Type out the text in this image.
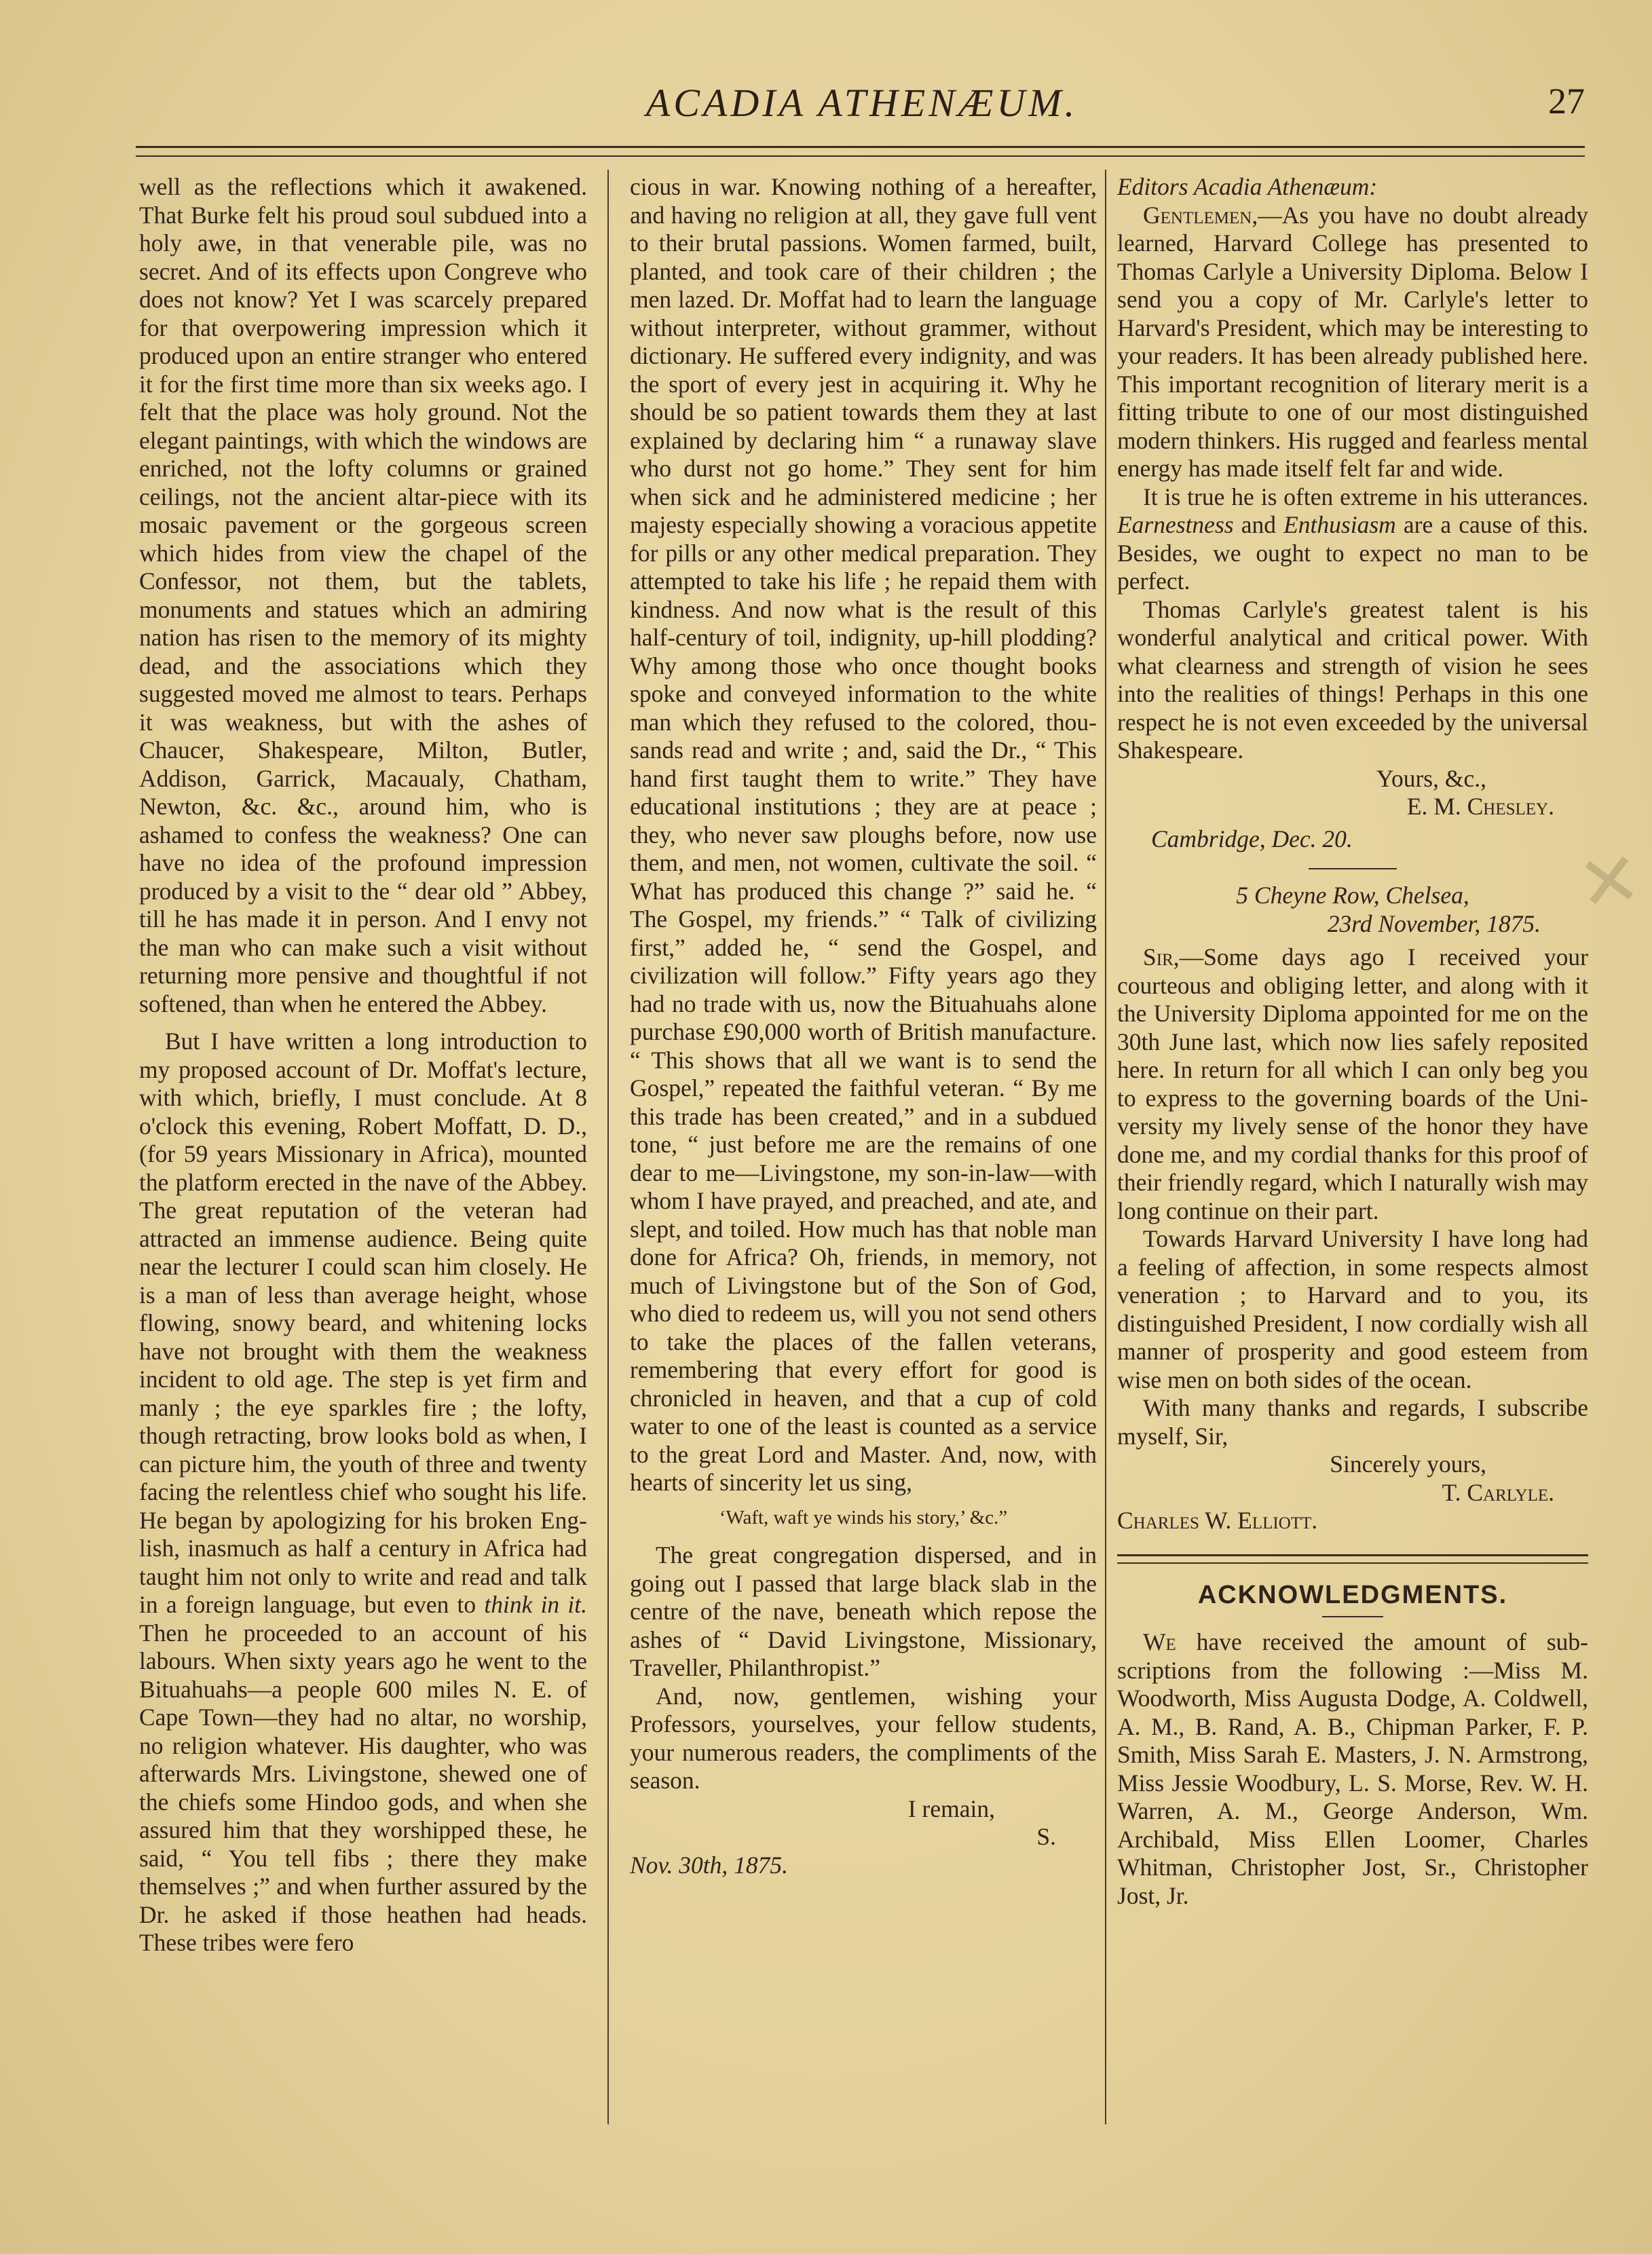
ACADIA ATHENÆUM.	27

well as the reflections which it awakened. That Burke felt his proud soul subdued into a holy awe, in that venerable pile, was no secret. And of its effects upon Congreve who does not know? Yet I was scarcely prepared for that overpowering impression which it produced upon an entire stranger who entered it for the first time more than six weeks ago. I felt that the place was holy ground. Not the elegant paintings, with which the windows are enriched, not the lofty columns or grained ceilings, not the ancient altar-piece with its mosaic pavement or the gorgeous screen which hides from view the chapel of the Confessor, not them, but the tablets, monuments and statues which an admiring nation has risen to the memory of its mighty dead, and the associations which they suggested moved me almost to tears. Perhaps it was weakness, but with the ashes of Chaucer, Shakespeare, Milton, Butler, Addison, Garrick, Macaualy, Chatham, Newton, &c. &c., around him, who is ashamed to confess the weakness? One can have no idea of the profound impression produced by a visit to the “ dear old ” Abbey, till he has made it in person. And I envy not the man who can make such a visit without returning more pensive and thoughtful if not softened, than when he entered the Abbey.

But I have written a long introduction to my proposed account of Dr. Moffat's lecture, with which, briefly, I must conclude. At 8 o'clock this evening, Robert Moffatt, D. D., (for 59 years Missionary in Africa), mounted the platform erected in the nave of the Abbey. The great reputation of the veteran had attracted an immense audience. Being quite near the lecturer I could scan him closely. He is a man of less than average height, whose flowing, snowy beard, and whitening locks have not brought with them the weakness incident to old age. The step is yet firm and manly ; the eye sparkles fire ; the lofty, though retracting, brow looks bold as when, I can picture him, the youth of three and twenty facing the relentless chief who sought his life. He began by apologizing for his broken English, inasmuch as half a century in Africa had taught him not only to write and read and talk in a foreign language, but even to think in it. Then he proceeded to an account of his labours. When sixty years ago he went to the Bituahuahs—a people 600 miles N. E. of Cape Town—they had no altar, no worship, no religion whatever. His daughter, who was afterwards Mrs. Livingstone, shewed one of the chiefs some Hindoo gods, and when she assured him that they worshipped these, he said, “ You tell fibs ; there they make themselves ;” and when further assured by the Dr. he asked if those heathen had heads. These tribes were fero

cious in war. Knowing nothing of a hereafter, and having no religion at all, they gave full vent to their brutal passions. Women farmed, built, planted, and took care of their children ; the men lazed. Dr. Moffat had to learn the language without interpreter, without grammer, without dictionary. He suffered every indignity, and was the sport of every jest in acquiring it. Why he should be so patient towards them they at last explained by declaring him “ a runaway slave who durst not go home.” They sent for him when sick and he administered medicine ; her majesty especially showing a voracious appetite for pills or any other medical preparation. They attempted to take his life ; he repaid them with kindness. And now what is the result of this half-century of toil, indignity, up-hill plodding? Why among those who once thought books spoke and conveyed information to the white man which they refused to the colored, thousands read and write ; and, said the Dr., “ This hand first taught them to write.” They have educational institutions ; they are at peace ; they, who never saw ploughs before, now use them, and men, not women, cultivate the soil. “ What has produced this change ?” said he. “ The Gospel, my friends.” “ Talk of civilizing first,” added he, “ send the Gospel, and civilization will follow.” Fifty years ago they had no trade with us, now the Bituahuahs alone purchase £90,000 worth of British manufacture. “ This shows that all we want is to send the Gospel,” repeated the faithful veteran. “ By me this trade has been created,” and in a subdued tone, “ just before me are the remains of one dear to me—Livingstone, my son-in-law—with whom I have prayed, and preached, and ate, and slept, and toiled. How much has that noble man done for Africa? Oh, friends, in memory, not much of Livingstone but of the Son of God, who died to redeem us, will you not send others to take the places of the fallen veterans, remembering that every effort for good is chronicled in heaven, and that a cup of cold water to one of the least is counted as a service to the great Lord and Master. And, now, with hearts of sincerity let us sing,

‘Waft, waft ye winds his story,’ &c.”

The great congregation dispersed, and in going out I passed that large black slab in the centre of the nave, beneath which repose the ashes of “ David Livingstone, Missionary, Traveller, Philanthropist.”

And, now, gentlemen, wishing your Professors, yourselves, your fellow students, your numerous readers, the compliments of the season.

I remain,
S.
Nov. 30th, 1875.
Editors Acadia Athenæum:

Gentlemen,—As you have no doubt already learned, Harvard College has presented to Thomas Carlyle a University Diploma. Below I send you a copy of Mr. Carlyle's letter to Harvard's President, which may be interesting to your readers. It has been already published here. This important recognition of literary merit is a fitting tribute to one of our most distinguished modern thinkers. His rugged and fearless mental energy has made itself felt far and wide.

It is true he is often extreme in his utterances. Earnestness and Enthusiasm are a cause of this. Besides, we ought to expect no man to be perfect.

Thomas Carlyle's greatest talent is his wonderful analytical and critical power. With what clearness and strength of vision he sees into the realities of things! Perhaps in this one respect he is not even exceeded by the universal Shakespeare.

Yours, &c.,
E. M. Chesley.
Cambridge, Dec. 20.
5 Cheyne Row, Chelsea,
23rd November, 1875.

Sir,—Some days ago I received your courteous and obliging letter, and along with it the University Diploma appointed for me on the 30th June last, which now lies safely reposited here. In return for all which I can only beg you to express to the governing boards of the University my lively sense of the honor they have done me, and my cordial thanks for this proof of their friendly regard, which I naturally wish may long continue on their part.

Towards Harvard University I have long had a feeling of affection, in some respects almost veneration ; to Harvard and to you, its distinguished President, I now cordially wish all manner of prosperity and good esteem from wise men on both sides of the ocean.

With many thanks and regards, I subscribe myself, Sir,

Sincerely yours,
T. Carlyle.
Charles W. Elliott.
ACKNOWLEDGMENTS.

We have received the amount of subscriptions from the following :—Miss M. Woodworth, Miss Augusta Dodge, A. Coldwell, A. M., B. Rand, A. B., Chipman Parker, F. P. Smith, Miss Sarah E. Masters, J. N. Armstrong, Miss Jessie Woodbury, L. S. Morse, Rev. W. H. Warren, A. M., George Anderson, Wm. Archibald, Miss Ellen Loomer, Charles Whitman, Christopher Jost, Sr., Christopher Jost, Jr.

✕
